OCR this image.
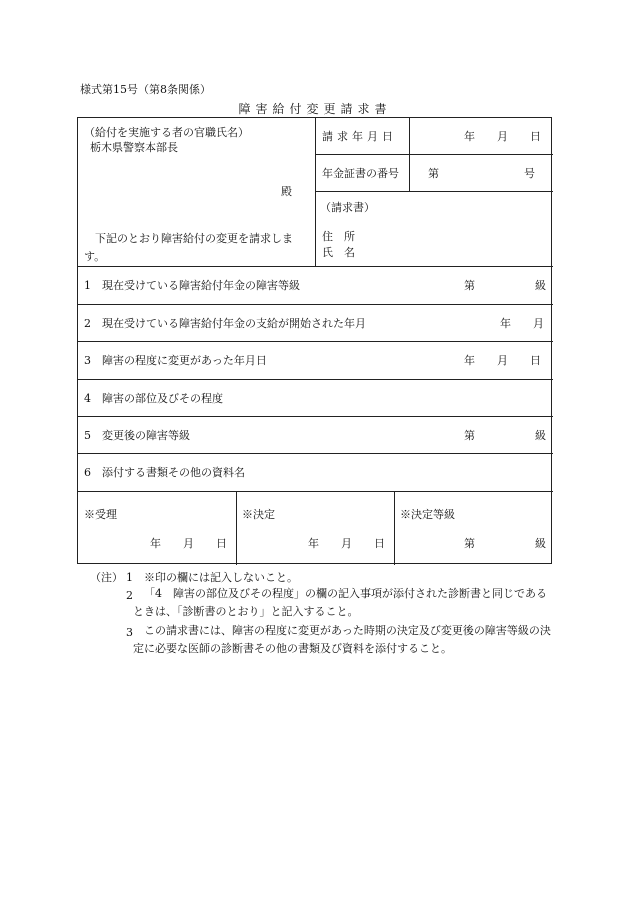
様式第15号（第8条関係）
障害給付変更請求書
（給付を実施する者の官職氏名）
栃木県警察本部長
殿
下記のとおり障害給付の変更を請求します。
請求年月日	年　　月　　日
年金証書の番号	第	号
（請求書）
住　所
氏　名
1　現在受けている障害給付年金の障害等級	第	級
2　現在受けている障害給付年金の支給が開始された年月	年　　月
3　障害の程度に変更があった年月日	年　　月　　日
4　障害の部位及びその程度
5　変更後の障害等級	第	級
6　添付する書類その他の資料名
※受理
年　　月　　日
※決定
年　　月　　日
※決定等級
第	級
（注） 1 ※印の欄には記入しないこと。
2	「4　障害の部位及びその程度」の欄の記入事項が添付された診断書と同じであるときは、「診断書のとおり」と記入すること。
3	この請求書には、障害の程度に変更があった時期の決定及び変更後の障害等級の決定に必要な医師の診断書その他の書類及び資料を添付すること。
